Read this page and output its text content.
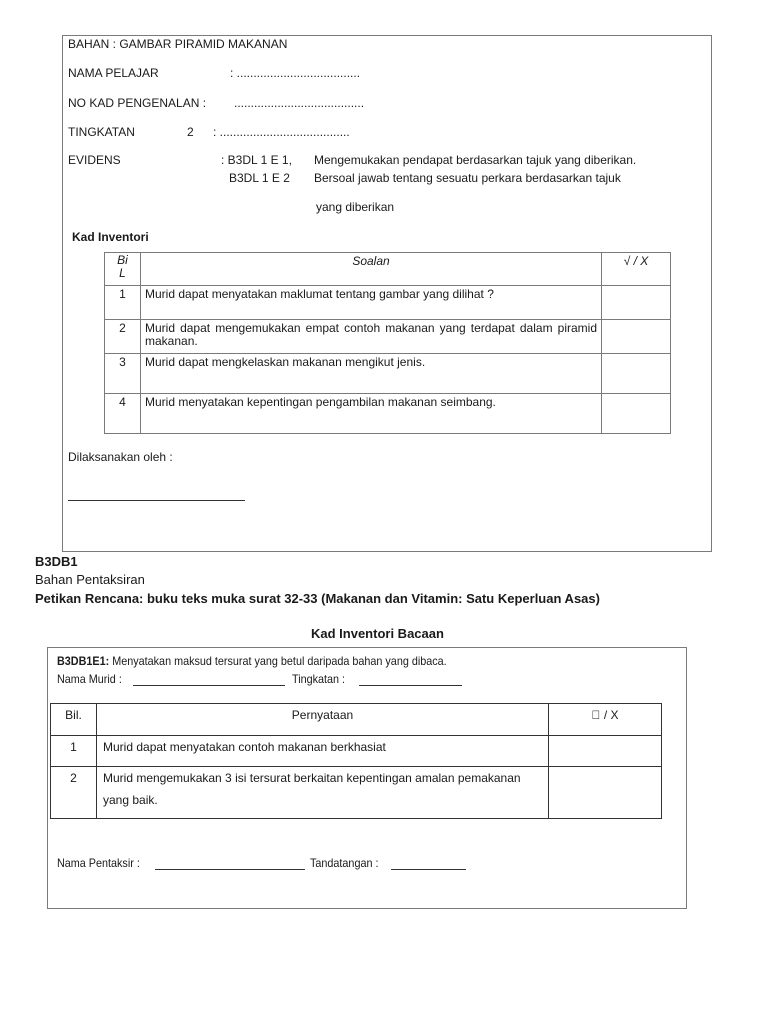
BAHAN : GAMBAR PIRAMID MAKANAN
NAMA PELAJAR	: .....................................
NO KAD PENGENALAN : .......................................
TINGKATAN	2 : .......................................
EVIDENS	: B3DL 1 E 1, Mengemukakan pendapat berdasarkan tajuk yang diberikan.
B3DL 1 E 2 Bersoal jawab tentang sesuatu perkara berdasarkan tajuk
yang diberikan
Kad Inventori
Bi L	Soalan	√ / X
1	Murid dapat menyatakan maklumat tentang gambar yang dilihat ?	
2	Murid dapat mengemukakan empat contoh makanan yang terdapat dalam piramid makanan.	
3	Murid dapat mengkelaskan makanan mengikut jenis.	
4	Murid menyatakan kepentingan pengambilan makanan seimbang.	
Dilaksanakan oleh :
B3DB1
Bahan Pentaksiran
Petikan Rencana: buku teks muka surat 32-33 (Makanan dan Vitamin: Satu Keperluan Asas)
Kad Inventori Bacaan
B3DB1E1: Menyatakan maksud tersurat yang betul daripada bahan yang dibaca.
Nama Murid :	Tingkatan :
Bil.	Pernyataan	/ X
1	Murid dapat menyatakan contoh makanan berkhasiat	
2	Murid mengemukakan 3 isi tersurat berkaitan kepentingan amalan pemakanan yang baik.	
Nama Pentaksir :	Tandatangan :
